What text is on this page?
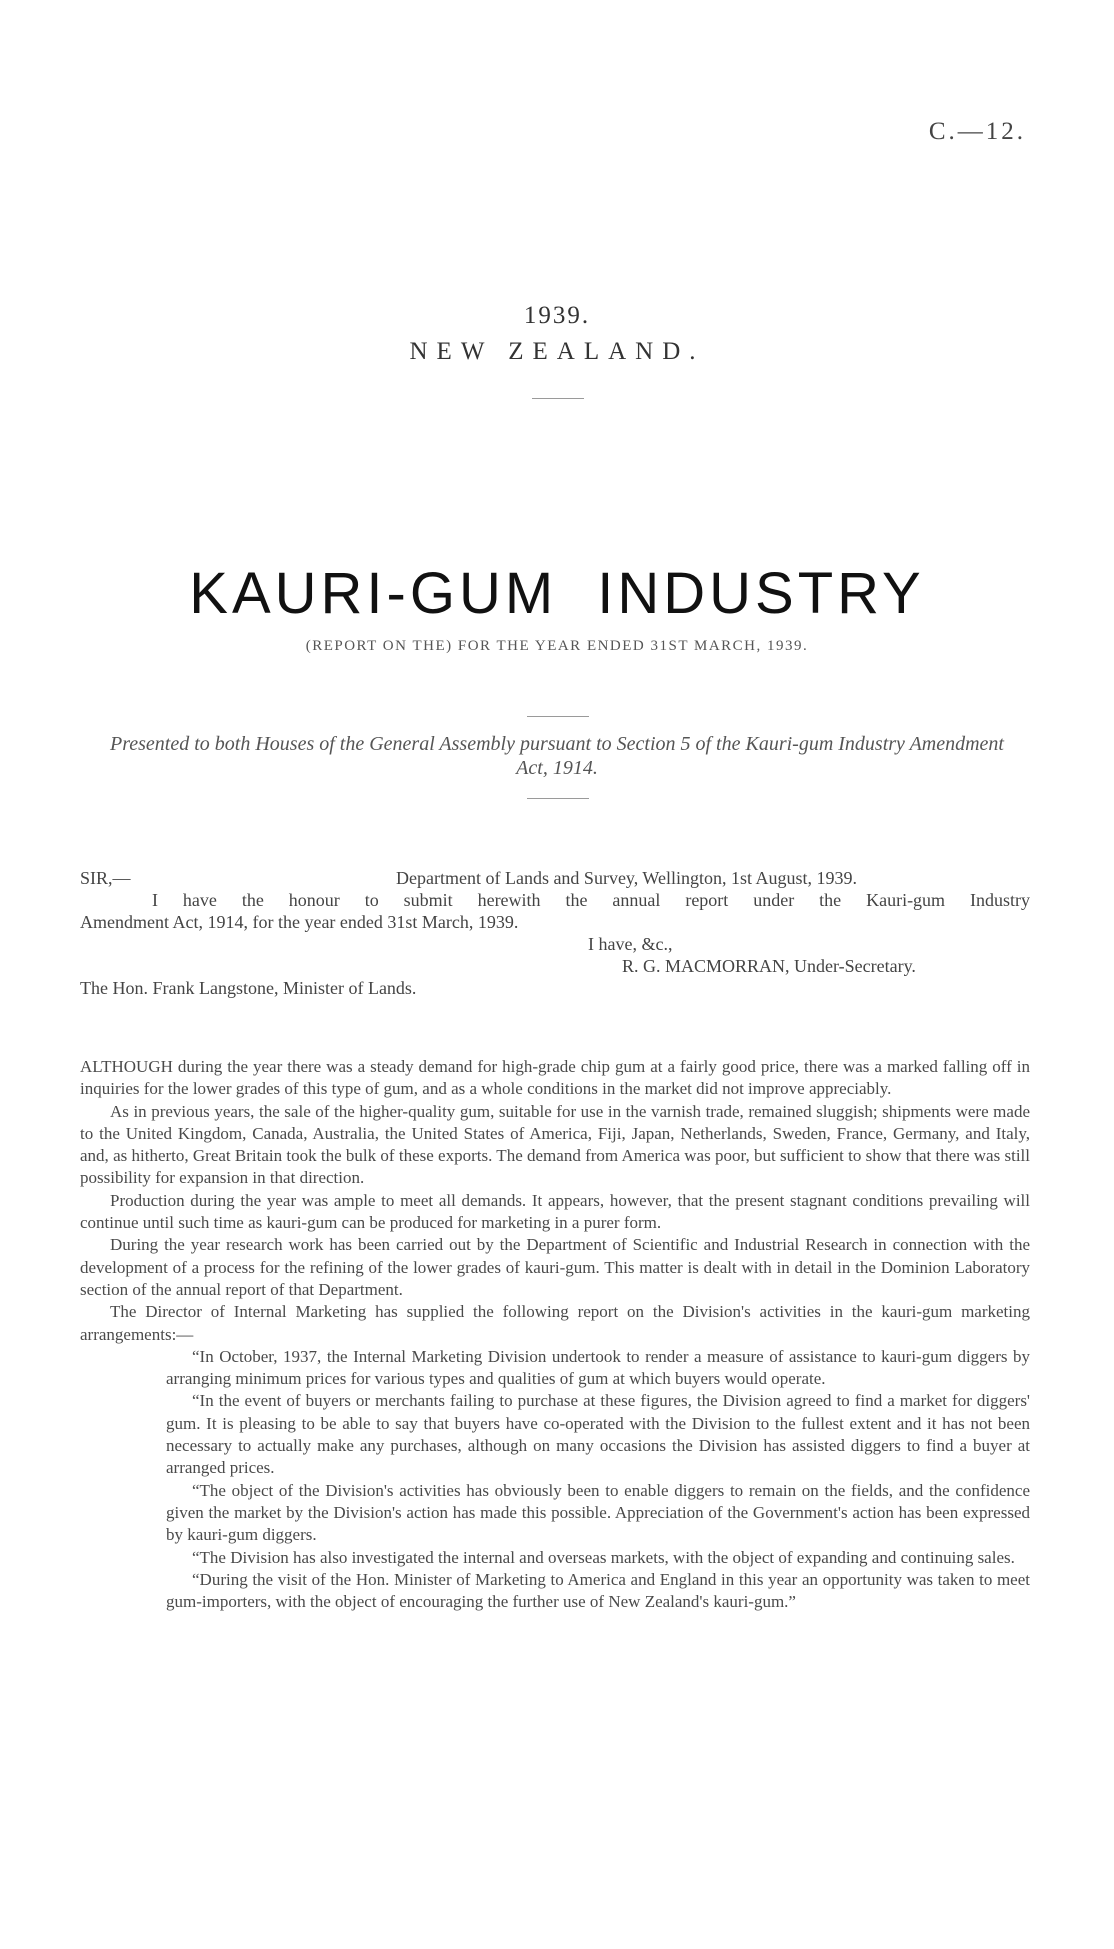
C.—12.
1939.
NEW ZEALAND.
KAURI-GUM INDUSTRY
(REPORT ON THE) FOR THE YEAR ENDED 31ST MARCH, 1939.
Presented to both Houses of the General Assembly pursuant to Section 5 of the Kauri-gum Industry Amendment Act, 1914.
SIR,—	Department of Lands and Survey, Wellington, 1st August, 1939.
I have the honour to submit herewith the annual report under the Kauri-gum Industry
Amendment Act, 1914, for the year ended 31st March, 1939.
I have, &c.,
R. G. MACMORRAN, Under-Secretary.
The Hon. Frank Langstone, Minister of Lands.

ALTHOUGH during the year there was a steady demand for high-grade chip gum at a fairly good price, there was a marked falling off in inquiries for the lower grades of this type of gum, and as a whole conditions in the market did not improve appreciably.

As in previous years, the sale of the higher-quality gum, suitable for use in the varnish trade, remained sluggish; shipments were made to the United Kingdom, Canada, Australia, the United States of America, Fiji, Japan, Netherlands, Sweden, France, Germany, and Italy, and, as hitherto, Great Britain took the bulk of these exports. The demand from America was poor, but sufficient to show that there was still possibility for expansion in that direction.

Production during the year was ample to meet all demands. It appears, however, that the present stagnant conditions prevailing will continue until such time as kauri-gum can be produced for marketing in a purer form.

During the year research work has been carried out by the Department of Scientific and Industrial Research in connection with the development of a process for the refining of the lower grades of kauri-gum. This matter is dealt with in detail in the Dominion Laboratory section of the annual report of that Department.

The Director of Internal Marketing has supplied the following report on the Division's activities in the kauri-gum marketing arrangements:—

“In October, 1937, the Internal Marketing Division undertook to render a measure of assistance to kauri-gum diggers by arranging minimum prices for various types and qualities of gum at which buyers would operate.

“In the event of buyers or merchants failing to purchase at these figures, the Division agreed to find a market for diggers' gum. It is pleasing to be able to say that buyers have co-operated with the Division to the fullest extent and it has not been necessary to actually make any purchases, although on many occasions the Division has assisted diggers to find a buyer at arranged prices.

“The object of the Division's activities has obviously been to enable diggers to remain on the fields, and the confidence given the market by the Division's action has made this possible. Appreciation of the Government's action has been expressed by kauri-gum diggers.

“The Division has also investigated the internal and overseas markets, with the object of expanding and continuing sales.

“During the visit of the Hon. Minister of Marketing to America and England in this year an opportunity was taken to meet gum-importers, with the object of encouraging the further use of New Zealand's kauri-gum.”
